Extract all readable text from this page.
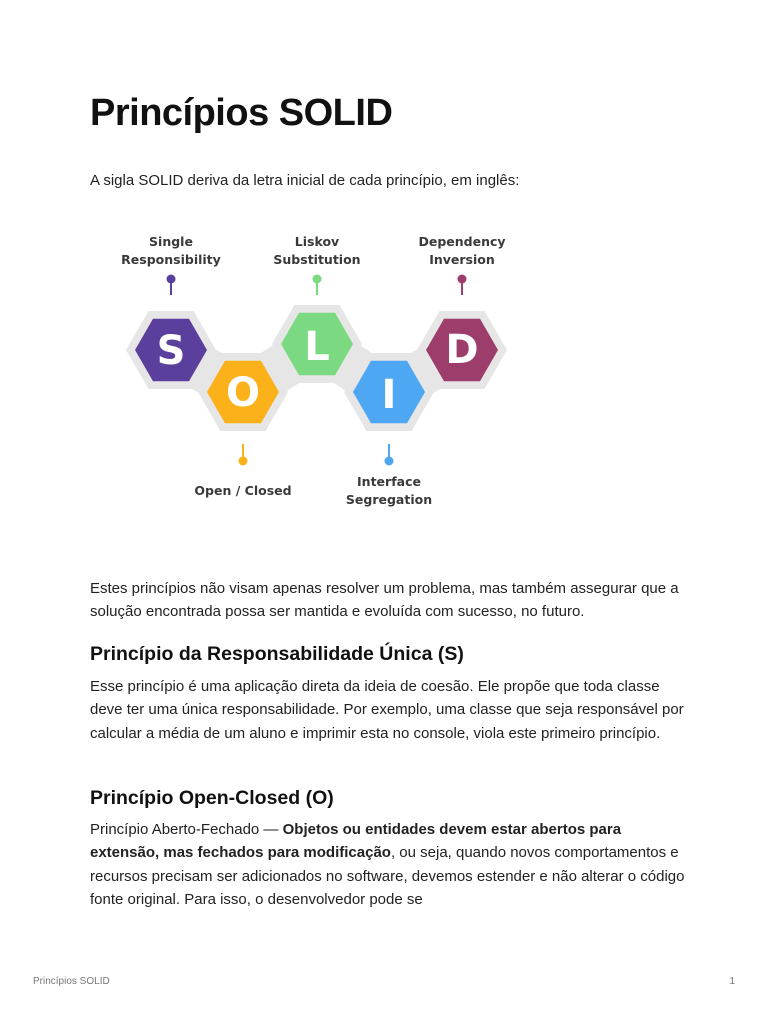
Princípios SOLID

A sigla SOLID deriva da letra inicial de cada princípio, em inglês:

Single
Responsibility
S
O
Open / Closed
Liskov
Substitution
L
I
Interface
Segregation
Dependency
Inversion
D

Estes princípios não visam apenas resolver um problema, mas também assegurar que a solução encontrada possa ser mantida e evoluída com sucesso, no futuro.

Princípio da Responsabilidade Única (S)

Esse princípio é uma aplicação direta da ideia de coesão. Ele propõe que toda classe deve ter uma única responsabilidade. Por exemplo, uma classe que seja responsável por calcular a média de um aluno e imprimir esta no console, viola este primeiro princípio.

Princípio Open-Closed (O)

Princípio Aberto-Fechado — Objetos ou entidades devem estar abertos para extensão, mas fechados para modificação, ou seja, quando novos comportamentos e recursos precisam ser adicionados no software, devemos estender e não alterar o código fonte original. Para isso, o desenvolvedor pode se

Princípios SOLID	1
